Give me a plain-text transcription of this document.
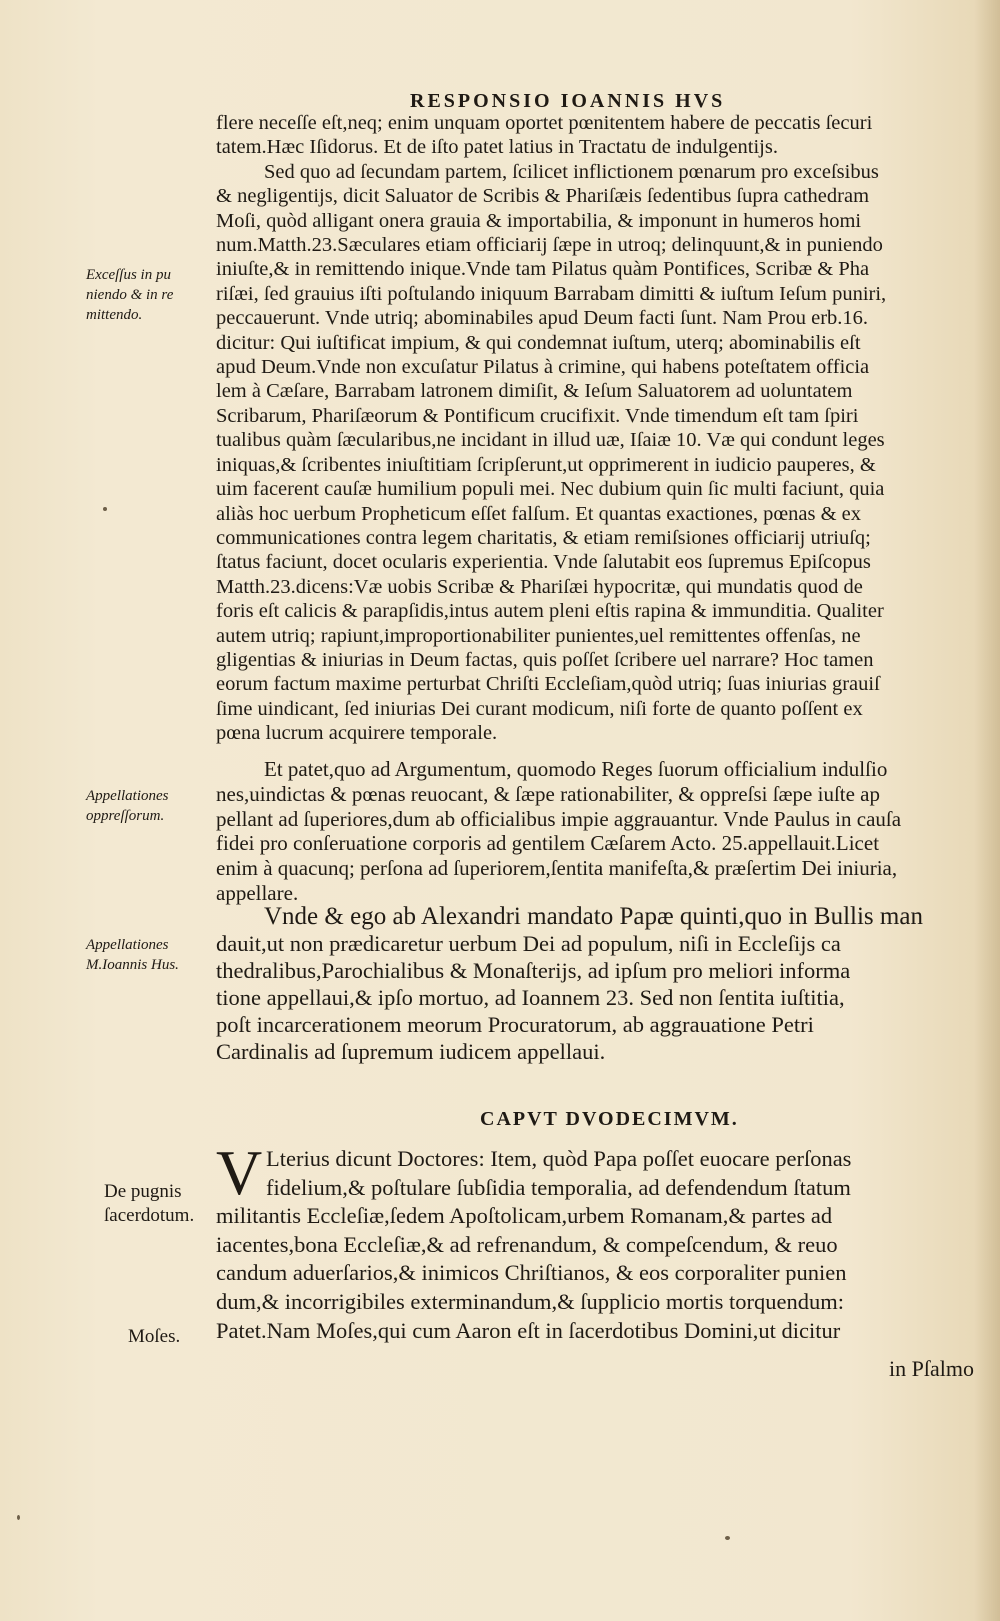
RESPONSIO IOANNIS HVS
flere neceſſe eſt,neq; enim unquam oportet pœnitentem habere de peccatis ſecuri
tatem.Hæc Iſidorus. Et de iſto patet latius in Tractatu de indulgentijs.
Sed quo ad ſecundam partem, ſcilicet inflictionem pœnarum pro exceſsibus
& negligentijs, dicit Saluator de Scribis & Phariſæis ſedentibus ſupra cathedram
Moſi, quòd alligant onera grauia & importabilia, & imponunt in humeros homi
num.Matth.23.Sæculares etiam officiarij ſæpe in utroq; delinquunt,& in puniendo
iniuſte,& in remittendo inique.Vnde tam Pilatus quàm Pontifices, Scribæ & Pha
riſæi, ſed grauius iſti poſtulando iniquum Barrabam dimitti & iuſtum Ieſum puniri,
peccauerunt. Vnde utriq; abominabiles apud Deum facti ſunt. Nam Prou erb.16.
dicitur: Qui iuſtificat impium, & qui condemnat iuſtum, uterq; abominabilis eſt
apud Deum.Vnde non excuſatur Pilatus à crimine, qui habens poteſtatem officia
lem à Cæſare, Barrabam latronem dimiſit, & Ieſum Saluatorem ad uoluntatem
Scribarum, Phariſæorum & Pontificum crucifixit. Vnde timendum eſt tam ſpiri
tualibus quàm ſæcularibus,ne incidant in illud uæ, Iſaiæ 10. Væ qui condunt leges
iniquas,& ſcribentes iniuſtitiam ſcripſerunt,ut opprimerent in iudicio pauperes, &
uim facerent cauſæ humilium populi mei. Nec dubium quin ſic multi faciunt, quia
aliàs hoc uerbum Propheticum eſſet falſum. Et quantas exactiones, pœnas & ex
communicationes contra legem charitatis, & etiam remiſsiones officiarij utriuſq;
ſtatus faciunt, docet ocularis experientia. Vnde ſalutabit eos ſupremus Epiſcopus
Matth.23.dicens:Væ uobis Scribæ & Phariſæi hypocritæ, qui mundatis quod de
foris eſt calicis & parapſidis,intus autem pleni eſtis rapina & immunditia. Qualiter
autem utriq; rapiunt,improportionabiliter punientes,uel remittentes offenſas, ne
gligentias & iniurias in Deum factas, quis poſſet ſcribere uel narrare? Hoc tamen
eorum factum maxime perturbat Chriſti Eccleſiam,quòd utriq; ſuas iniurias grauiſ
ſime uindicant, ſed iniurias Dei curant modicum, niſi forte de quanto poſſent ex
pœna lucrum acquirere temporale.
Et patet,quo ad Argumentum, quomodo Reges ſuorum officialium indulſio
nes,uindictas & pœnas reuocant, & ſæpe rationabiliter, & oppreſsi ſæpe iuſte ap
pellant ad ſuperiores,dum ab officialibus impie aggrauantur. Vnde Paulus in cauſa
fidei pro conſeruatione corporis ad gentilem Cæſarem Acto. 25.appellauit.Licet
enim à quacunq; perſona ad ſuperiorem,ſentita manifeſta,& præſertim Dei iniuria,
appellare.
Vnde & ego ab Alexandri mandato Papæ quinti,quo in Bullis man
dauit,ut non prædicaretur uerbum Dei ad populum, niſi in Eccleſijs ca
thedralibus,Parochialibus & Monaſterijs, ad ipſum pro meliori informa
tione appellaui,& ipſo mortuo, ad Ioannem 23. Sed non ſentita iuſtitia,
poſt incarcerationem meorum Procuratorum, ab aggrauatione Petri
Cardinalis ad ſupremum iudicem appellaui.
CAPVT DVODECIMVM.
V Lterius dicunt Doctores: Item, quòd Papa poſſet euocare perſonas
fidelium,& poſtulare ſubſidia temporalia, ad defendendum ſtatum
militantis Eccleſiæ,ſedem Apoſtolicam,urbem Romanam,& partes ad
iacentes,bona Eccleſiæ,& ad refrenandum, & compeſcendum, & reuo
candum aduerſarios,& inimicos Chriſtianos, & eos corporaliter punien
dum,& incorrigibiles exterminandum,& ſupplicio mortis torquendum:
Patet.Nam Moſes,qui cum Aaron eſt in ſacerdotibus Domini,ut dicitur
in Pſalmo
Exceſſus in pu
niendo & in re
mittendo.
Appellationes
oppreſſorum.
Appellationes
M.Ioannis Hus.
De pugnis
ſacerdotum.
Moſes.
